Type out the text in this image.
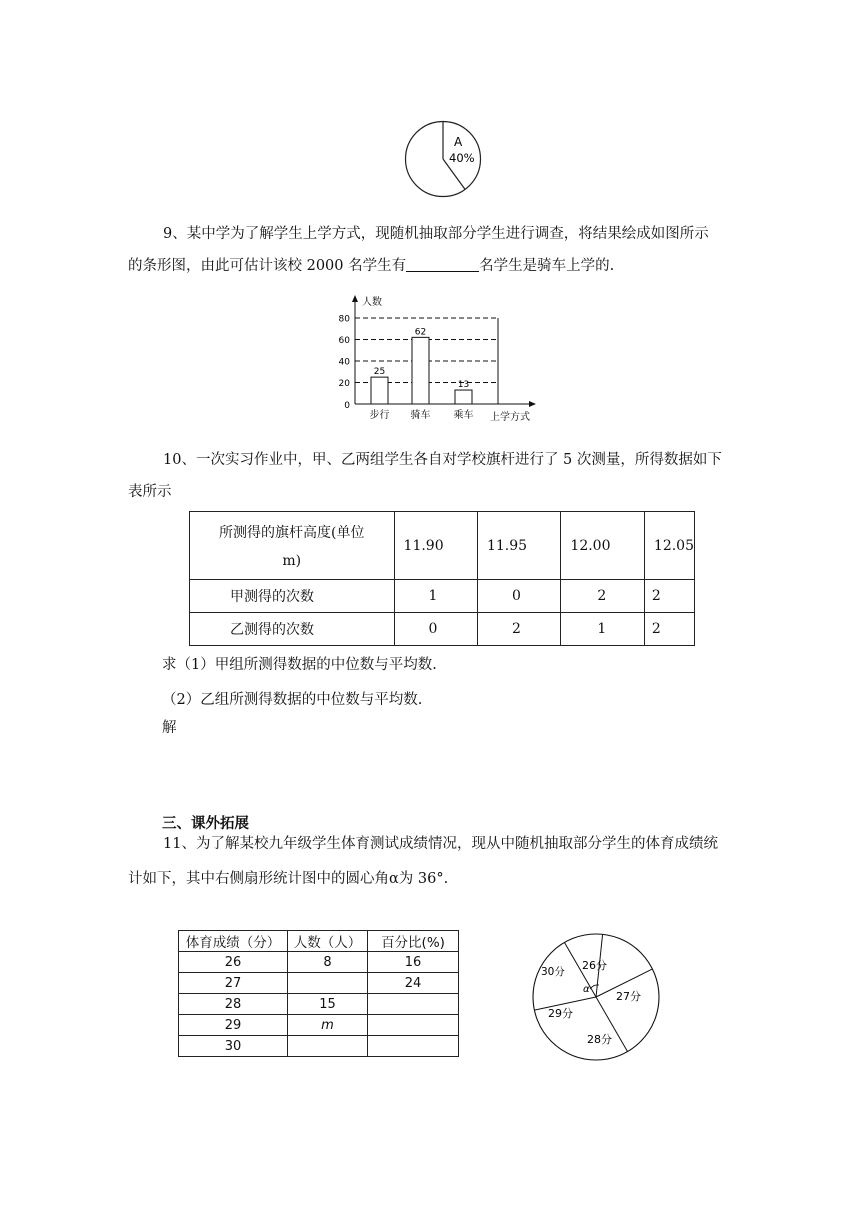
A
40%
9、某中学为了解学生上学方式，现随机抽取部分学生进行调查，将结果绘成如图所示
的条形图，由此可估计该校 2000 名学生有	名学生是骑车上学的.
0
20
40
60
80
人数
上学方式
25
62
13
步行 骑车 乘车
10、一次实习作业中，甲、乙两组学生各自对学校旗杆进行了 5 次测量，所得数据如下
表所示
所测得的旗杆高度(单位
m)	11.90	11.95	12.00	12.05
甲测得的次数	1	0	2	2
乙测得的次数	0	2	1	2
求（1）甲组所测得数据的中位数与平均数.
（2）乙组所测得数据的中位数与平均数.
解
三、课外拓展
11、为了解某校九年级学生体育测试成绩情况，现从中随机抽取部分学生的体育成绩统
计如下，其中右侧扇形统计图中的圆心角α为 36°.
体育成绩（分）	人数（人）	百分比(%)
26	8	16
27		24
28	15	
29	m	
30		
α
26分
27分
28分
29分
30分
